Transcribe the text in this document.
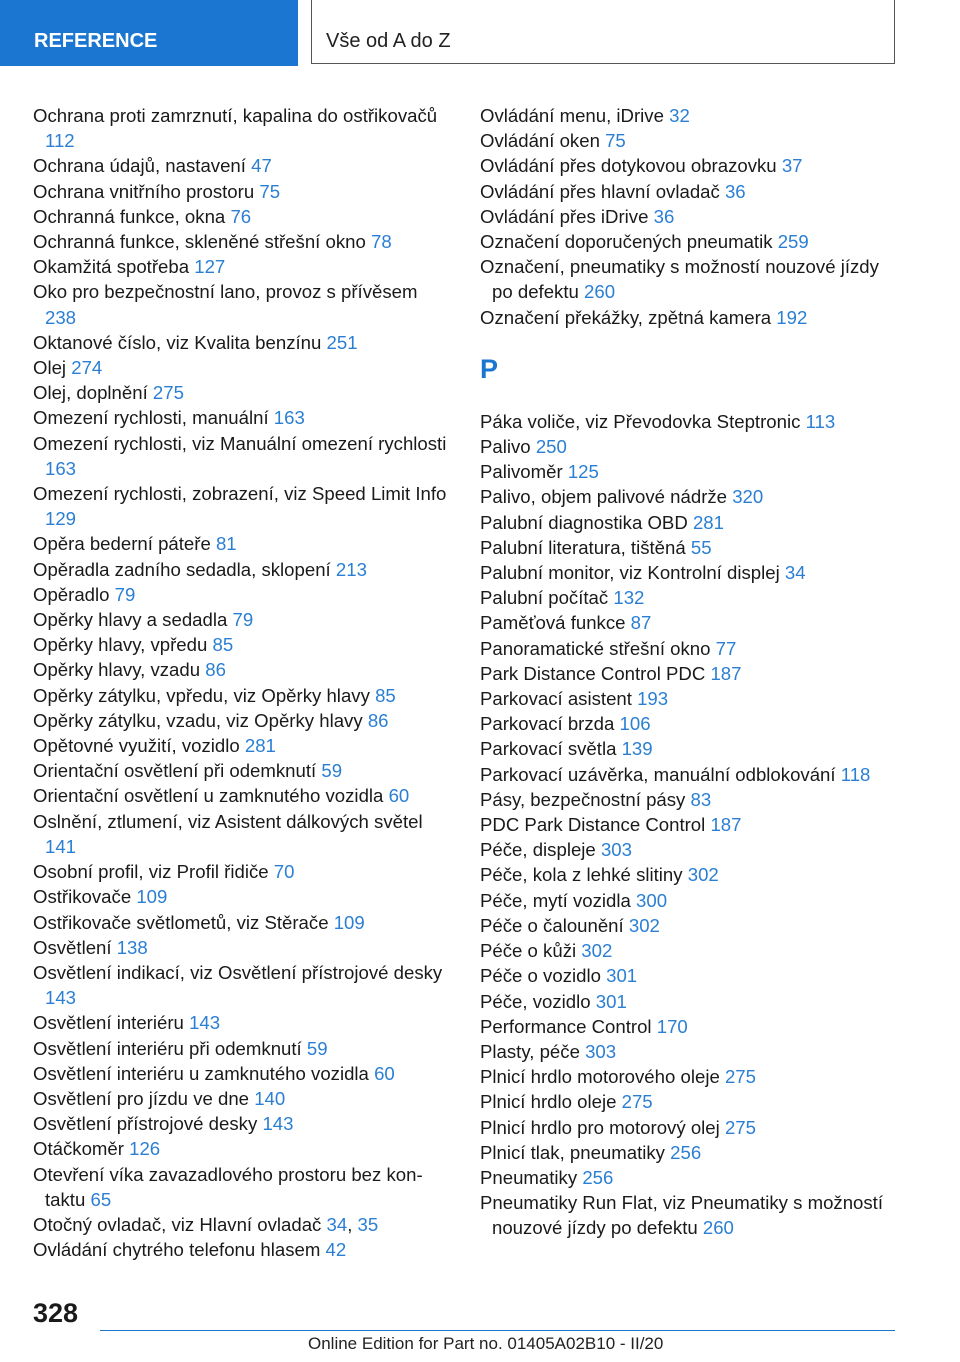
REFERENCE	Vše od A do Z
Ochrana proti zamrznutí, kapalina do ostřikovačů 112
Ochrana údajů, nastavení 47
Ochrana vnitřního prostoru 75
Ochranná funkce, okna 76
Ochranná funkce, skleněné střešní okno 78
Okamžitá spotřeba 127
Oko pro bezpečnostní lano, provoz s přívěsem 238
Oktanové číslo, viz Kvalita benzínu 251
Olej 274
Olej, doplnění 275
Omezení rychlosti, manuální 163
Omezení rychlosti, viz Manuální omezení rychlosti 163
Omezení rychlosti, zobrazení, viz Speed Limit Info 129
Opěra bederní páteře 81
Opěradla zadního sedadla, sklopení 213
Opěradlo 79
Opěrky hlavy a sedadla 79
Opěrky hlavy, vpředu 85
Opěrky hlavy, vzadu 86
Opěrky zátylku, vpředu, viz Opěrky hlavy 85
Opěrky zátylku, vzadu, viz Opěrky hlavy 86
Opětovné využití, vozidlo 281
Orientační osvětlení při odemknutí 59
Orientační osvětlení u zamknutého vozidla 60
Oslnění, ztlumení, viz Asistent dálkových světel 141
Osobní profil, viz Profil řidiče 70
Ostřikovače 109
Ostřikovače světlometů, viz Stěrače 109
Osvětlení 138
Osvětlení indikací, viz Osvětlení přístrojové desky 143
Osvětlení interiéru 143
Osvětlení interiéru při odemknutí 59
Osvětlení interiéru u zamknutého vozidla 60
Osvětlení pro jízdu ve dne 140
Osvětlení přístrojové desky 143
Otáčkoměr 126
Otevření víka zavazadlového prostoru bez kontaktu 65
Otočný ovladač, viz Hlavní ovladač 34, 35
Ovládání chytrého telefonu hlasem 42
Ovládání menu, iDrive 32
Ovládání oken 75
Ovládání přes dotykovou obrazovku 37
Ovládání přes hlavní ovladač 36
Ovládání přes iDrive 36
Označení doporučených pneumatik 259
Označení, pneumatiky s možností nouzové jízdy po defektu 260
Označení překážky, zpětná kamera 192
P
Páka voliče, viz Převodovka Steptronic 113
Palivo 250
Palivoměr 125
Palivo, objem palivové nádrže 320
Palubní diagnostika OBD 281
Palubní literatura, tištěná 55
Palubní monitor, viz Kontrolní displej 34
Palubní počítač 132
Paměťová funkce 87
Panoramatické střešní okno 77
Park Distance Control PDC 187
Parkovací asistent 193
Parkovací brzda 106
Parkovací světla 139
Parkovací uzávěrka, manuální odblokování 118
Pásy, bezpečnostní pásy 83
PDC Park Distance Control 187
Péče, displeje 303
Péče, kola z lehké slitiny 302
Péče, mytí vozidla 300
Péče o čalounění 302
Péče o kůži 302
Péče o vozidlo 301
Péče, vozidlo 301
Performance Control 170
Plasty, péče 303
Plnicí hrdlo motorového oleje 275
Plnicí hrdlo oleje 275
Plnicí hrdlo pro motorový olej 275
Plnicí tlak, pneumatiky 256
Pneumatiky 256
Pneumatiky Run Flat, viz Pneumatiky s možností nouzové jízdy po defektu 260
328
Online Edition for Part no. 01405A02B10 - II/20
